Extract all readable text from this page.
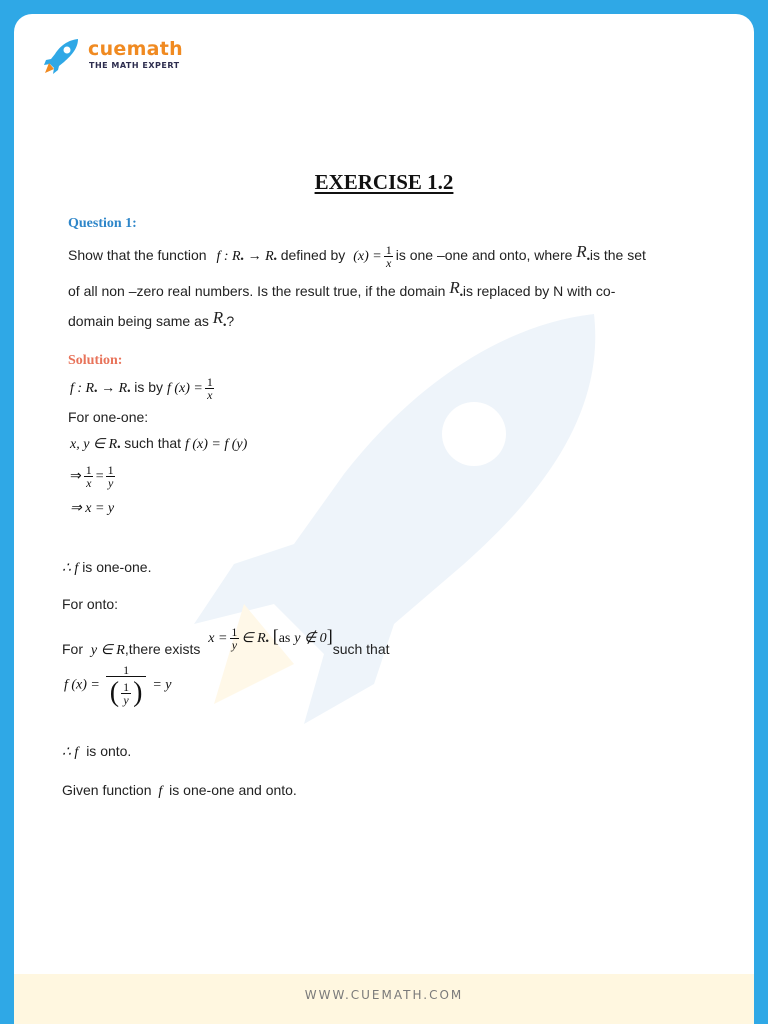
cuemath
THE MATH EXPERT
EXERCISE 1.2
Question 1:
Show that the function f : R• → R• defined by $(x) = \frac{1}{x}$ is one –one and onto, where R•is the set
of all non –zero real numbers. Is the result true, if the domain R•is replaced by N with co-
domain being same as R•?
Solution:
f : R• → R• is by f $(x) = \frac{1}{x}$
For one-one:
x, y ∈ R• such that f (x) = f (y)
⇒ $\frac{1}{x} = \frac{1}{y}$
⇒ x = y
∴ f is one-one.
For onto:
For y ∈ R,there exists $x = \frac{1}{y}$ ∈ R• [as y ∉ 0]such that
f $(x) = \frac{1}{( \frac{1}{y} )} = y$
∴ f is onto.
Given function f is one-one and onto.
WWW.CUEMATH.COM
